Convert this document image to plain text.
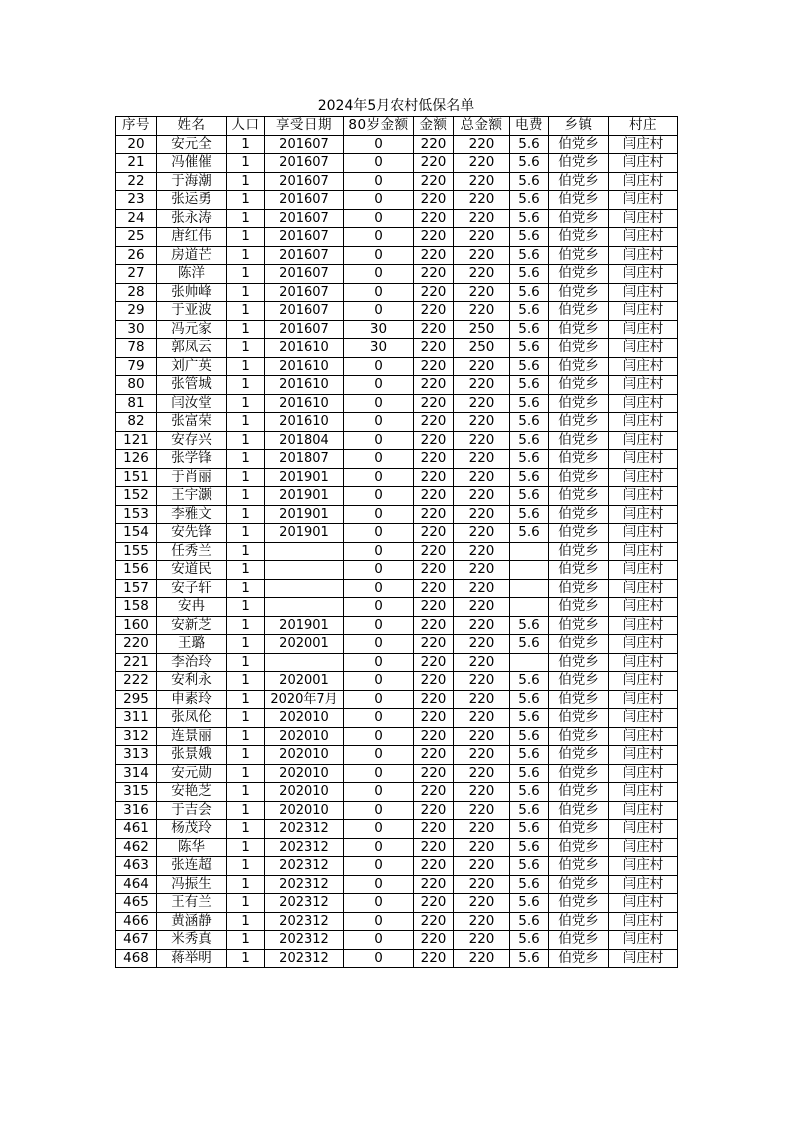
2024年5月农村低保名单
序号	姓名	人口	享受日期	80岁金额	金额	总金额	电费	乡镇	村庄
20	安元全	1	201607	0	220	220	5.6	伯党乡	闫庄村
21	冯催催	1	201607	0	220	220	5.6	伯党乡	闫庄村
22	于海潮	1	201607	0	220	220	5.6	伯党乡	闫庄村
23	张运勇	1	201607	0	220	220	5.6	伯党乡	闫庄村
24	张永涛	1	201607	0	220	220	5.6	伯党乡	闫庄村
25	唐红伟	1	201607	0	220	220	5.6	伯党乡	闫庄村
26	房道芒	1	201607	0	220	220	5.6	伯党乡	闫庄村
27	陈洋	1	201607	0	220	220	5.6	伯党乡	闫庄村
28	张帅峰	1	201607	0	220	220	5.6	伯党乡	闫庄村
29	于亚波	1	201607	0	220	220	5.6	伯党乡	闫庄村
30	冯元家	1	201607	30	220	250	5.6	伯党乡	闫庄村
78	郭凤云	1	201610	30	220	250	5.6	伯党乡	闫庄村
79	刘广英	1	201610	0	220	220	5.6	伯党乡	闫庄村
80	张管城	1	201610	0	220	220	5.6	伯党乡	闫庄村
81	闫汝堂	1	201610	0	220	220	5.6	伯党乡	闫庄村
82	张富荣	1	201610	0	220	220	5.6	伯党乡	闫庄村
121	安存兴	1	201804	0	220	220	5.6	伯党乡	闫庄村
126	张学锋	1	201807	0	220	220	5.6	伯党乡	闫庄村
151	于肖丽	1	201901	0	220	220	5.6	伯党乡	闫庄村
152	王宇灏	1	201901	0	220	220	5.6	伯党乡	闫庄村
153	李雅文	1	201901	0	220	220	5.6	伯党乡	闫庄村
154	安先锋	1	201901	0	220	220	5.6	伯党乡	闫庄村
155	任秀兰	1		0	220	220		伯党乡	闫庄村
156	安道民	1		0	220	220		伯党乡	闫庄村
157	安子轩	1		0	220	220		伯党乡	闫庄村
158	安冉	1		0	220	220		伯党乡	闫庄村
160	安新芝	1	201901	0	220	220	5.6	伯党乡	闫庄村
220	王璐	1	202001	0	220	220	5.6	伯党乡	闫庄村
221	李治玲	1		0	220	220		伯党乡	闫庄村
222	安利永	1	202001	0	220	220	5.6	伯党乡	闫庄村
295	申素玲	1	2020年7月	0	220	220	5.6	伯党乡	闫庄村
311	张凤伦	1	202010	0	220	220	5.6	伯党乡	闫庄村
312	连景丽	1	202010	0	220	220	5.6	伯党乡	闫庄村
313	张景娥	1	202010	0	220	220	5.6	伯党乡	闫庄村
314	安元勋	1	202010	0	220	220	5.6	伯党乡	闫庄村
315	安艳芝	1	202010	0	220	220	5.6	伯党乡	闫庄村
316	于吉会	1	202010	0	220	220	5.6	伯党乡	闫庄村
461	杨茂玲	1	202312	0	220	220	5.6	伯党乡	闫庄村
462	陈华	1	202312	0	220	220	5.6	伯党乡	闫庄村
463	张连超	1	202312	0	220	220	5.6	伯党乡	闫庄村
464	冯振生	1	202312	0	220	220	5.6	伯党乡	闫庄村
465	王有兰	1	202312	0	220	220	5.6	伯党乡	闫庄村
466	黄涵静	1	202312	0	220	220	5.6	伯党乡	闫庄村
467	米秀真	1	202312	0	220	220	5.6	伯党乡	闫庄村
468	蒋举明	1	202312	0	220	220	5.6	伯党乡	闫庄村
